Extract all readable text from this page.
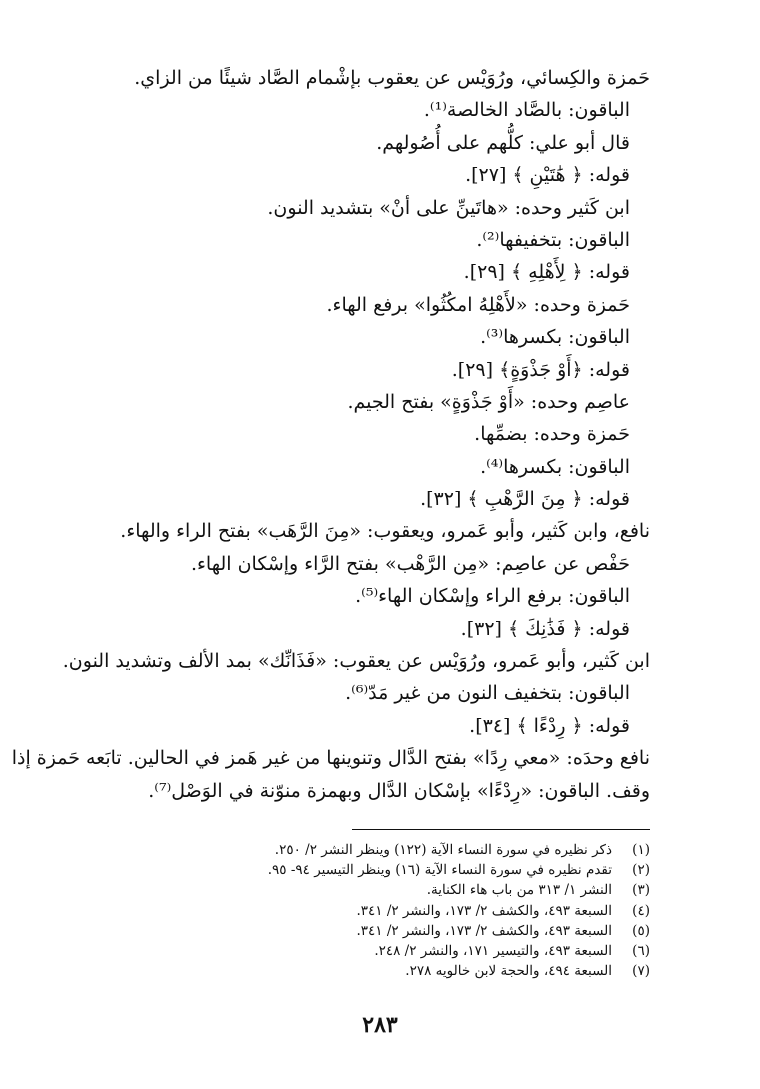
حَمزة والكِسائي، ورُوَيْس عن يعقوب بإشْمام الصَّاد شيئًا من الزاي.
الباقون: بالصَّاد الخالصة⁽¹⁾.
قال أبو علي: كلُّهم على أُصُولهم.
قوله: ﴿ هَٰتَيْنِ ﴾ [٢٧].
ابن كَثير وحده: «هاتَينِّ على أنْ» بتشديد النون.
الباقون: بتخفيفها⁽²⁾.
قوله: ﴿ لِأَهْلِهِ ﴾ [٢٩].
حَمزة وحده: «لأَهْلِهُ امكُثُوا» برفع الهاء.
الباقون: بكسرها⁽³⁾.
قوله: ﴿أَوْ جَذْوَةٍ﴾ [٢٩].
عاصِم وحده: «أَوْ جَذْوَةٍ» بفتح الجيم.
حَمزة وحده: بضمِّها.
الباقون: بكسرها⁽⁴⁾.
قوله: ﴿ مِنَ الرَّهْبِ ﴾ [٣٢].
نافع، وابن كَثير، وأبو عَمرو، ويعقوب: «مِنَ الرَّهَب» بفتح الراء والهاء.
حَفْص عن عاصِم: «مِن الرَّهْب» بفتح الرَّاء وإسْكان الهاء.
الباقون: برفع الراء وإسْكان الهاء⁽⁵⁾.
قوله: ﴿ فَذَٰنِكَ ﴾ [٣٢].
ابن كَثير، وأبو عَمرو، ورُوَيْس عن يعقوب: «فَذَانِّك» بمد الألف وتشديد النون.
الباقون: بتخفيف النون من غير مَدّ⁽⁶⁾.
قوله: ﴿ رِدْءًا ﴾ [٣٤].
نافع وحدَه: «معي رِدًا» بفتح الدَّال وتنوينها من غير هَمز في الحالين. تابَعه حَمزة إذا
وقف. الباقون: «رِدْءًا» بإسْكان الدَّال وبهمزة منوّنة في الوَصْل⁽⁷⁾.
(١)ذكر نظيره في سورة النساء الآية (١٢٢) وينظر النشر ٢/ ٢٥٠.
(٢)تقدم نظيره في سورة النساء الآية (١٦) وينظر التيسير ٩٤- ٩٥.
(٣)النشر ١/ ٣١٣ من باب هاء الكناية.
(٤)السبعة ٤٩٣، والكشف ٢/ ١٧٣، والنشر ٢/ ٣٤١.
(٥)السبعة ٤٩٣، والكشف ٢/ ١٧٣، والنشر ٢/ ٣٤١.
(٦)السبعة ٤٩٣، والتيسير ١٧١، والنشر ٢/ ٢٤٨.
(٧)السبعة ٤٩٤، والحجة لابن خالويه ٢٧٨.
٢٨٣
